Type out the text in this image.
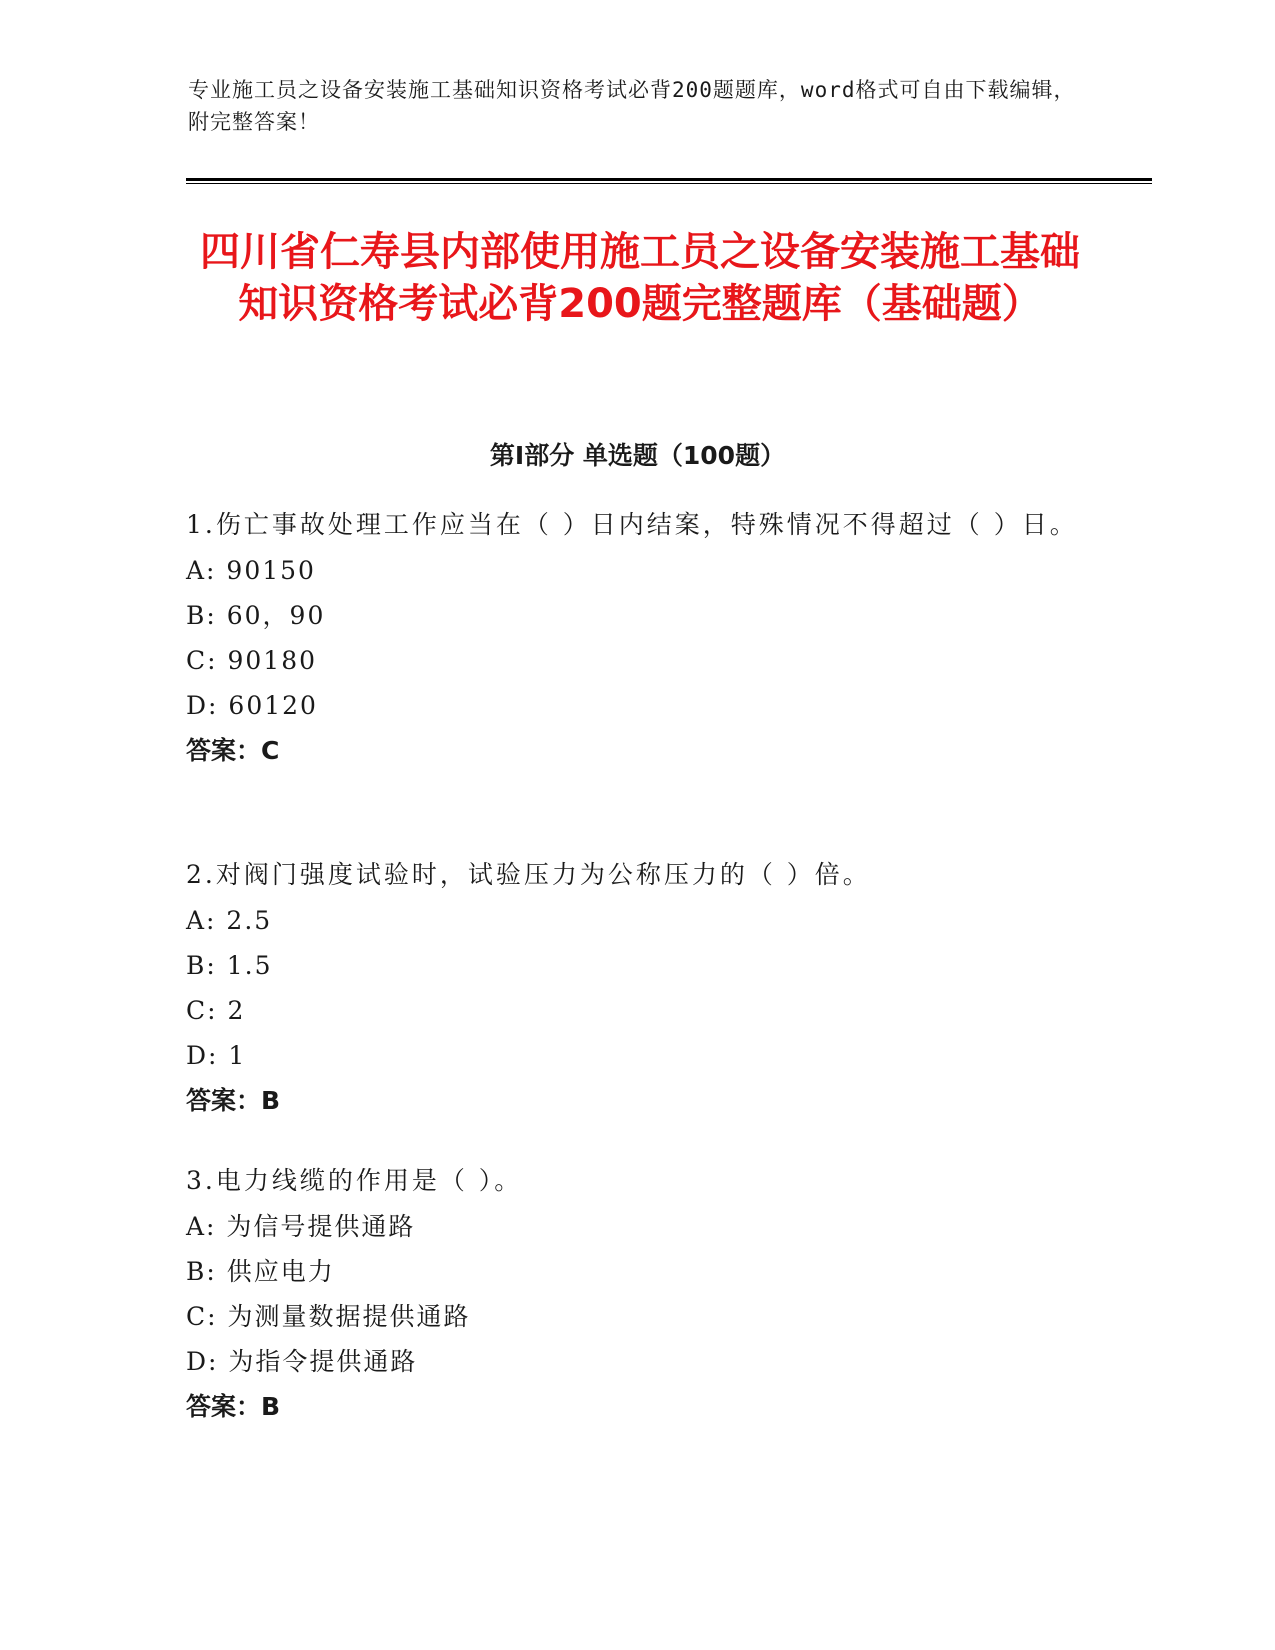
专业施工员之设备安装施工基础知识资格考试必背200题题库，word格式可自由下载编辑，附完整答案！
四川省仁寿县内部使用施工员之设备安装施工基础知识资格考试必背200题完整题库（基础题）
第Ⅰ部分 单选题（100题）
1.伤亡事故处理工作应当在（ ）日内结案，特殊情况不得超过（ ）日。
A: 90150
B: 60，90
C: 90180
D: 60120
答案：C
2.对阀门强度试验时，试验压力为公称压力的（ ）倍。
A: 2.5
B: 1.5
C: 2
D: 1
答案：B
3.电力线缆的作用是（ ）。
A: 为信号提供通路
B: 供应电力
C: 为测量数据提供通路
D: 为指令提供通路
答案：B
